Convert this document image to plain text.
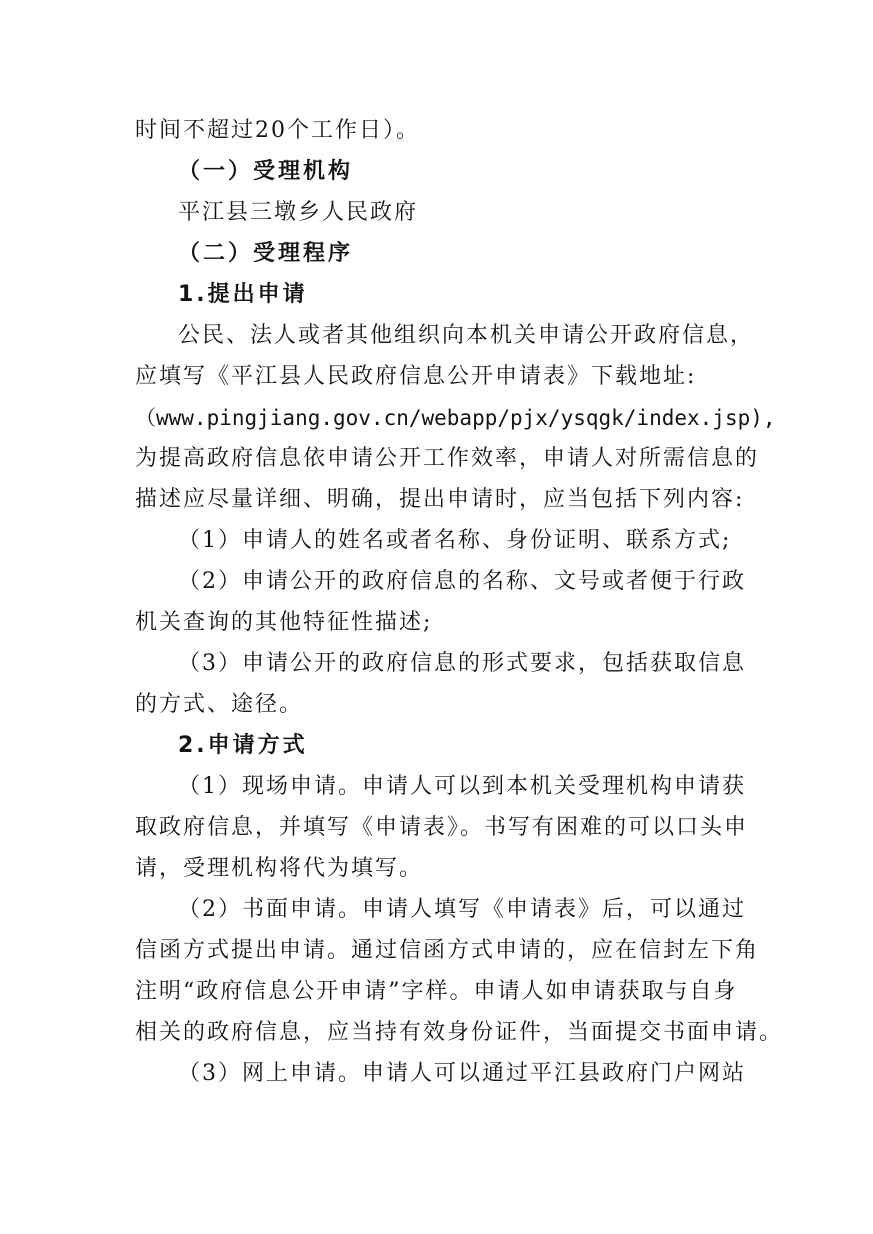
时间不超过20个工作日）。
（一）受理机构
平江县三墩乡人民政府
（二）受理程序
1.提出申请
公民、法人或者其他组织向本机关申请公开政府信息，
应填写《平江县人民政府信息公开申请表》下载地址:
（www.pingjiang.gov.cn/webapp/pjx/ysqgk/index.jsp),
为提高政府信息依申请公开工作效率，申请人对所需信息的
描述应尽量详细、明确，提出申请时，应当包括下列内容:
（1）申请人的姓名或者名称、身份证明、联系方式;
（2）申请公开的政府信息的名称、文号或者便于行政
机关查询的其他特征性描述;
（3）申请公开的政府信息的形式要求，包括获取信息
的方式、途径。
2.申请方式
（1）现场申请。申请人可以到本机关受理机构申请获
取政府信息，并填写《申请表》。书写有困难的可以口头申
请，受理机构将代为填写。
（2）书面申请。申请人填写《申请表》后，可以通过
信函方式提出申请。通过信函方式申请的，应在信封左下角
注明“政府信息公开申请”字样。申请人如申请获取与自身
相关的政府信息，应当持有效身份证件，当面提交书面申请。
（3）网上申请。申请人可以通过平江县政府门户网站
